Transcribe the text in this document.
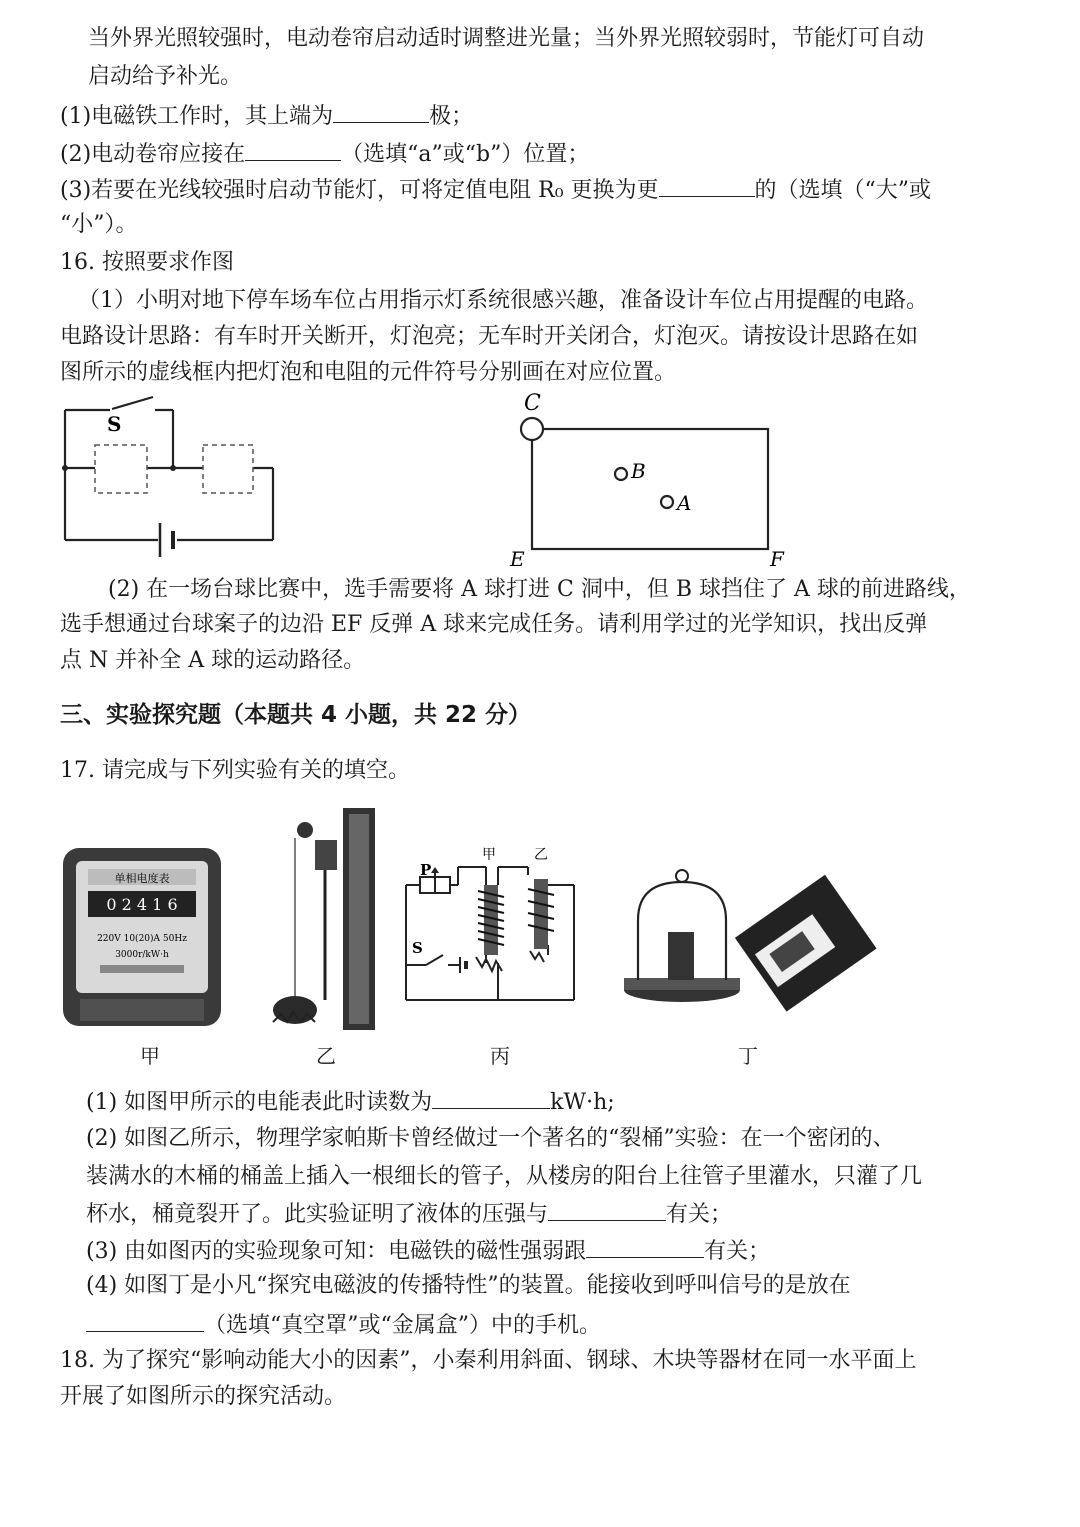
当外界光照较强时，电动卷帘启动适时调整进光量；当外界光照较弱时，节能灯可自动
启动给予补光。
(1)电磁铁工作时，其上端为	极；
(2)电动卷帘应接在	（选填“a”或“b”）位置；
(3)若要在光线较强时启动节能灯，可将定值电阻 R₀ 更换为更	的（选填（“大”或
“小”）。
16. 按照要求作图
（1）小明对地下停车场车位占用指示灯系统很感兴趣，准备设计车位占用提醒的电路。
电路设计思路：有车时开关断开，灯泡亮；无车时开关闭合，灯泡灭。请按设计思路在如
图所示的虚线框内把灯泡和电阻的元件符号分别画在对应位置。
S
C
B
A
E	F
(2) 在一场台球比赛中，选手需要将 A 球打进 C 洞中，但 B 球挡住了 A 球的前进路线，
选手想通过台球案子的边沿 EF 反弹 A 球来完成任务。请利用学过的光学知识，找出反弹
点 N 并补全 A 球的运动路径。
三、实验探究题（本题共 4 小题，共 22 分）
17. 请完成与下列实验有关的填空。
单相电度表
0 2 4 1 6
220V 10(20)A 50Hz
3000r/kW·h
P
S
甲	乙
甲	乙	丙	丁
(1) 如图甲所示的电能表此时读数为	kW·h;
(2) 如图乙所示，物理学家帕斯卡曾经做过一个著名的“裂桶”实验：在一个密闭的、
装满水的木桶的桶盖上插入一根细长的管子，从楼房的阳台上往管子里灌水，只灌了几
杯水，桶竟裂开了。此实验证明了液体的压强与	有关；
(3) 由如图丙的实验现象可知：电磁铁的磁性强弱跟	有关；
(4) 如图丁是小凡“探究电磁波的传播特性”的装置。能接收到呼叫信号的是放在
（选填“真空罩”或“金属盒”）中的手机。
18. 为了探究“影响动能大小的因素”，小秦利用斜面、钢球、木块等器材在同一水平面上
开展了如图所示的探究活动。
